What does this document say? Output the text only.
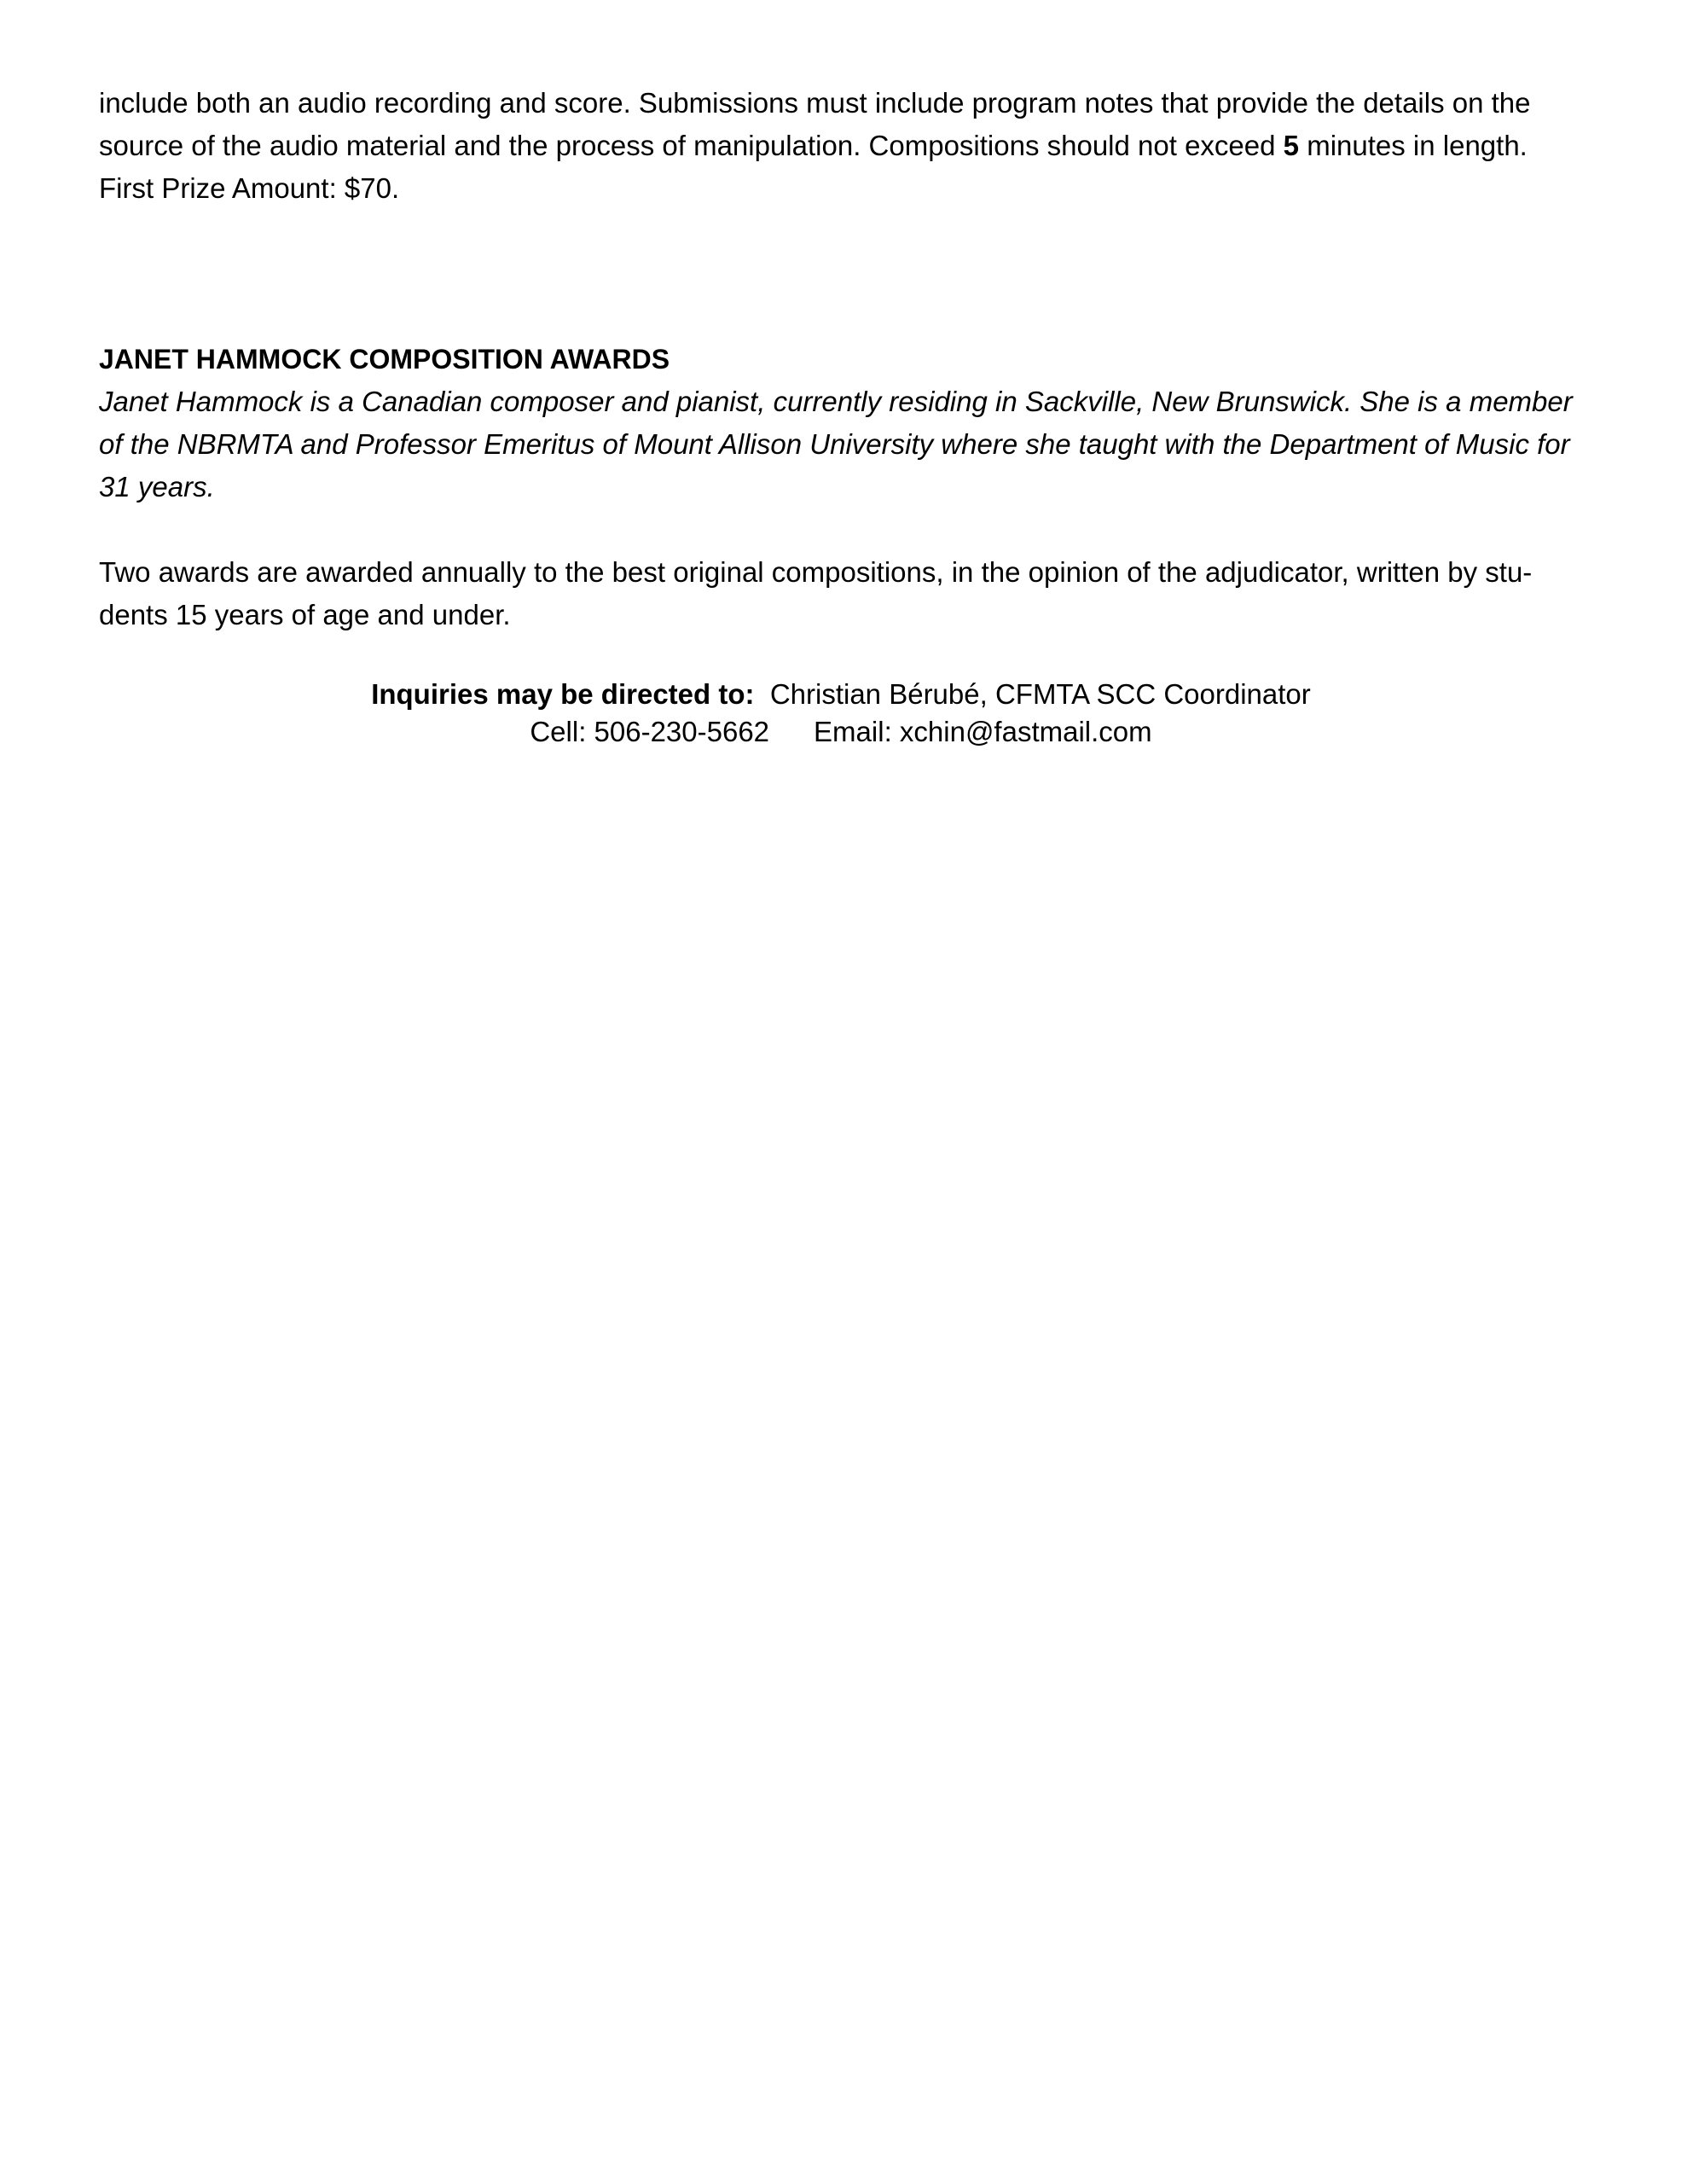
include both an audio recording and score. Submissions must include program notes that provide the details on the
source of the audio material and the process of manipulation. Compositions should not exceed 5 minutes in length.
First Prize Amount: $70.
JANET HAMMOCK COMPOSITION AWARDS

Janet Hammock is a Canadian composer and pianist, currently residing in Sackville, New Brunswick. She is a member of the NBRMTA and Professor Emeritus of Mount Allison University where she taught with the Department of Music for 31 years.

Two awards are awarded annually to the best original compositions, in the opinion of the adjudicator, written by stu-dents 15 years of age and under.

Inquiries may be directed to: Christian Bérubé, CFMTA SCC Coordinator
Cell: 506-230-5662 Email: xchin@fastmail.com
